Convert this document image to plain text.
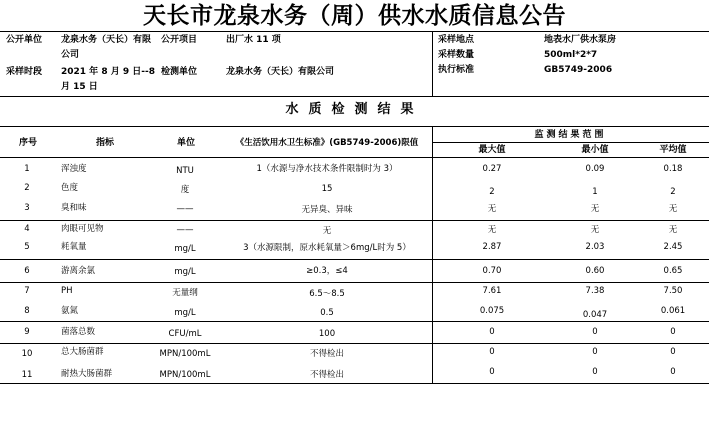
天长市龙泉水务（周）供水水质信息公告
公开单位 龙泉水务（天长）有限公司
公开项目	出厂水 11 项
采样时段 2021 年 8 月 9 日--8 月 15 日
检测单位	龙泉水务（天长）有限公司
采样地点	地表水厂供水泵房
采样数量	500ml*2*7
执行标准	GB5749-2006
水质检测结果
序号	指标	单位	《生活饮用水卫生标准》(GB5749-2006)限值
监测结果范围
最大值	最小值	平均值
1	浑浊度	NTU	1（水源与净水技术条件限制时为 3）	0.27	0.09	0.18
2	色度	度	15	2	1	2
3	臭和味	——	无异臭、异味	无	无	无
4	肉眼可见物	——	无	无	无	无
5	耗氧量	mg/L	3（水源限制，原水耗氧量＞6mg/L时为 5）	2.87	2.03	2.45
6	游离余氯	mg/L	≥0.3，≤4	0.70	0.60	0.65
7	PH	无量纲	6.5～8.5	7.61	7.38	7.50
8	氨氮	mg/L	0.5	0.075	0.047	0.061
9	菌落总数	CFU/mL	100	0	0	0
10	总大肠菌群	MPN/100mL	不得检出	0	0	0
11	耐热大肠菌群	MPN/100mL	不得检出	0	0	0
